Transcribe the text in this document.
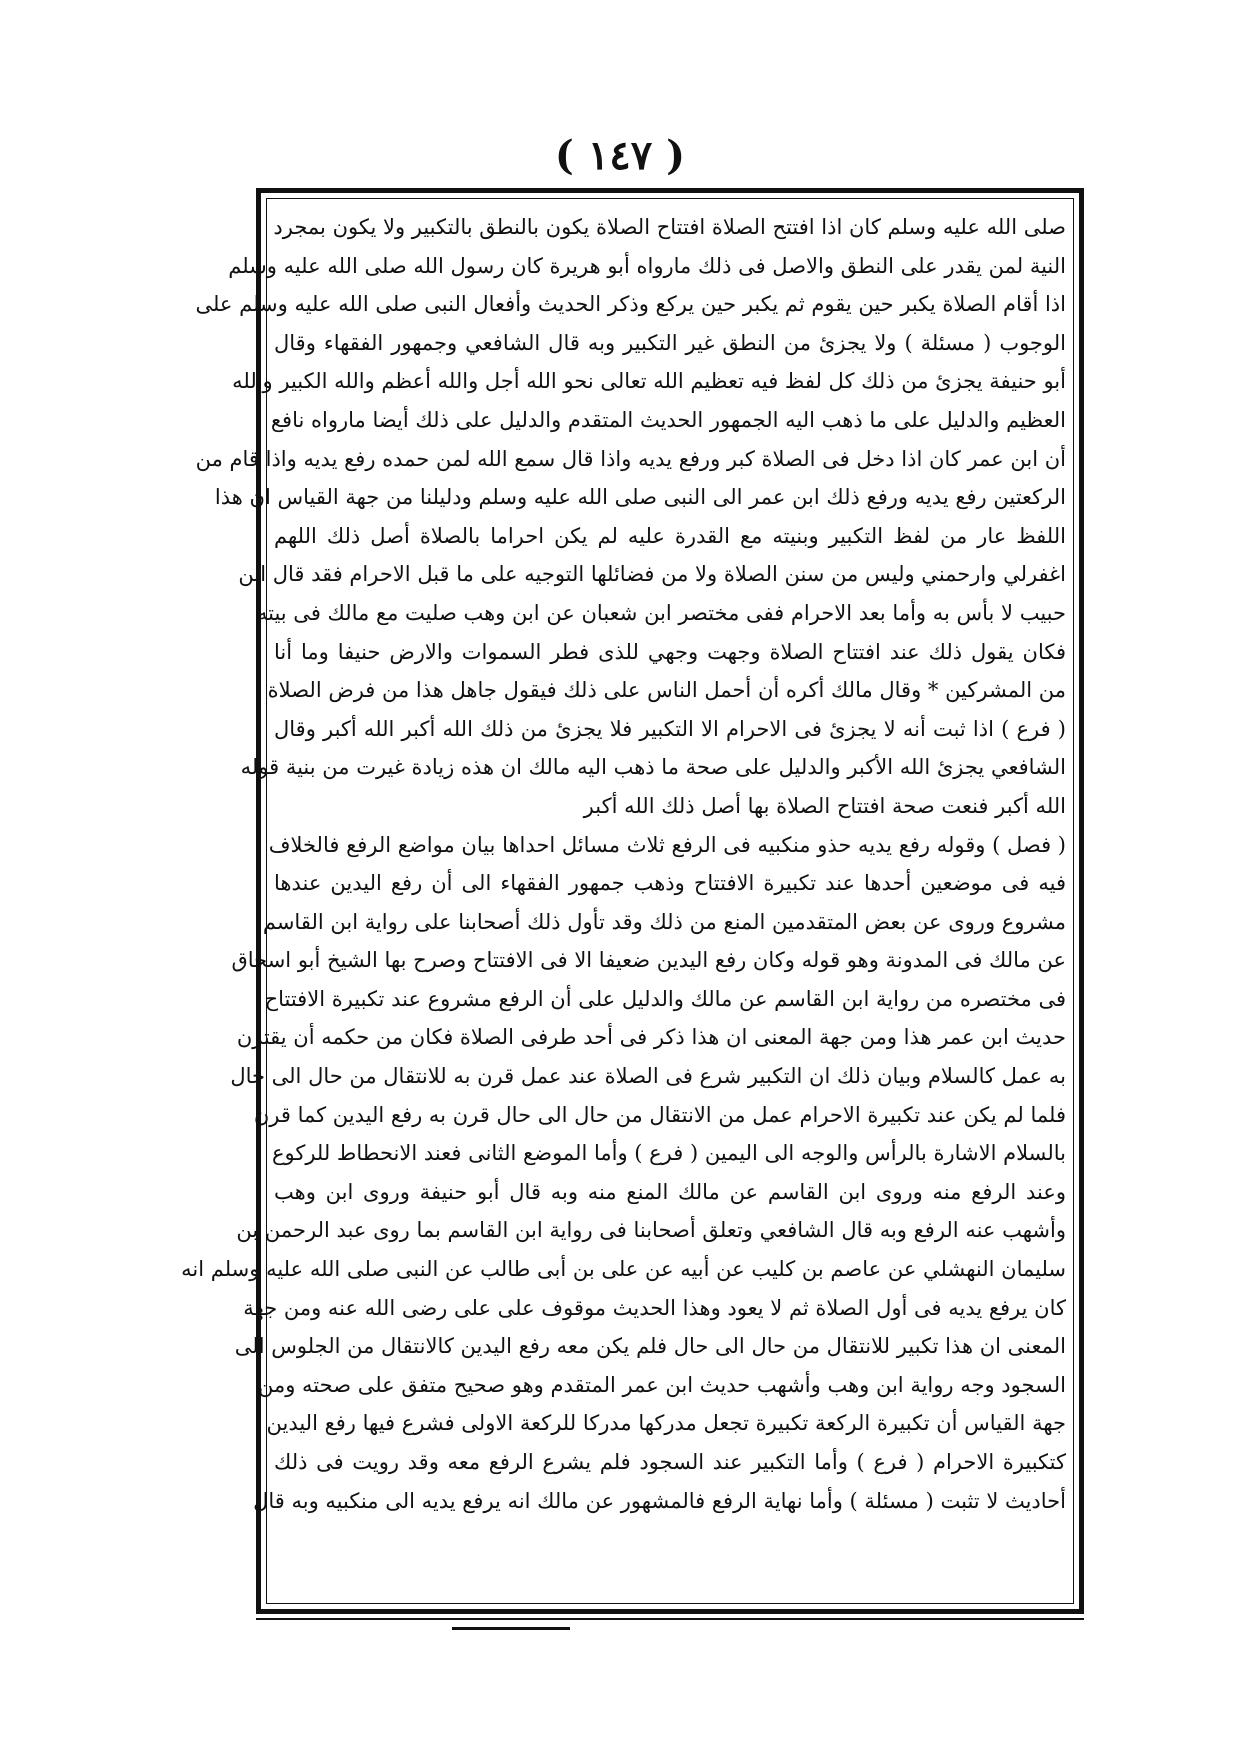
( ١٤٧ )
صلى الله عليه وسلم كان اذا افتتح الصلاة افتتاح الصلاة يكون بالنطق بالتكبير ولا يكون بمجرد
النية لمن يقدر على النطق والاصل فى ذلك مارواه أبو هريرة كان رسول الله صلى الله عليه وسلم
اذا أقام الصلاة يكبر حين يقوم ثم يكبر حين يركع وذكر الحديث وأفعال النبى صلى الله عليه وسلم على
الوجوب ( مسئلة ) ولا يجزئ من النطق غير التكبير وبه قال الشافعي وجمهور الفقهاء وقال
أبو حنيفة يجزئ من ذلك كل لفظ فيه تعظيم الله تعالى نحو الله أجل والله أعظم والله الكبير والله
العظيم والدليل على ما ذهب اليه الجمهور الحديث المتقدم والدليل على ذلك أيضا مارواه نافع
أن ابن عمر كان اذا دخل فى الصلاة كبر ورفع يديه واذا قال سمع الله لمن حمده رفع يديه واذا قام من
الركعتين رفع يديه ورفع ذلك ابن عمر الى النبى صلى الله عليه وسلم ودليلنا من جهة القياس ان هذا
اللفظ عار من لفظ التكبير وبنيته مع القدرة عليه لم يكن احراما بالصلاة أصل ذلك اللهم
اغفرلي وارحمني وليس من سنن الصلاة ولا من فضائلها التوجيه على ما قبل الاحرام فقد قال ابن
حبيب لا بأس به وأما بعد الاحرام ففى مختصر ابن شعبان عن ابن وهب صليت مع مالك فى بيته
فكان يقول ذلك عند افتتاح الصلاة وجهت وجهي للذى فطر السموات والارض حنيفا وما أنا
من المشركين * وقال مالك أكره أن أحمل الناس على ذلك فيقول جاهل هذا من فرض الصلاة
( فرع ) اذا ثبت أنه لا يجزئ فى الاحرام الا التكبير فلا يجزئ من ذلك الله أكبر الله أكبر وقال
الشافعي يجزئ الله الأكبر والدليل على صحة ما ذهب اليه مالك ان هذه زيادة غيرت من بنية قوله
الله أكبر فنعت صحة افتتاح الصلاة بها أصل ذلك الله أكبر
( فصل ) وقوله رفع يديه حذو منكبيه فى الرفع ثلاث مسائل احداها بيان مواضع الرفع فالخلاف
فيه فى موضعين أحدها عند تكبيرة الافتتاح وذهب جمهور الفقهاء الى أن رفع اليدين عندها
مشروع وروى عن بعض المتقدمين المنع من ذلك وقد تأول ذلك أصحابنا على رواية ابن القاسم
عن مالك فى المدونة وهو قوله وكان رفع اليدين ضعيفا الا فى الافتتاح وصرح بها الشيخ أبو اسحاق
فى مختصره من رواية ابن القاسم عن مالك والدليل على أن الرفع مشروع عند تكبيرة الافتتاح
حديث ابن عمر هذا ومن جهة المعنى ان هذا ذكر فى أحد طرفى الصلاة فكان من حكمه أن يقترن
به عمل كالسلام وبيان ذلك ان التكبير شرع فى الصلاة عند عمل قرن به للانتقال من حال الى حال
فلما لم يكن عند تكبيرة الاحرام عمل من الانتقال من حال الى حال قرن به رفع اليدين كما قرن
بالسلام الاشارة بالرأس والوجه الى اليمين ( فرع ) وأما الموضع الثانى فعند الانحطاط للركوع
وعند الرفع منه وروى ابن القاسم عن مالك المنع منه وبه قال أبو حنيفة وروى ابن وهب
وأشهب عنه الرفع وبه قال الشافعي وتعلق أصحابنا فى رواية ابن القاسم بما روى عبد الرحمن بن
سليمان النهشلي عن عاصم بن كليب عن أبيه عن على بن أبى طالب عن النبى صلى الله عليه وسلم انه
كان يرفع يديه فى أول الصلاة ثم لا يعود وهذا الحديث موقوف على على رضى الله عنه ومن جهة
المعنى ان هذا تكبير للانتقال من حال الى حال فلم يكن معه رفع اليدين كالانتقال من الجلوس الى
السجود وجه رواية ابن وهب وأشهب حديث ابن عمر المتقدم وهو صحيح متفق على صحته ومن
جهة القياس أن تكبيرة الركعة تكبيرة تجعل مدركها مدركا للركعة الاولى فشرع فيها رفع اليدين
كتكبيرة الاحرام ( فرع ) وأما التكبير عند السجود فلم يشرع الرفع معه وقد رويت فى ذلك
أحاديث لا تثبت ( مسئلة ) وأما نهاية الرفع فالمشهور عن مالك انه يرفع يديه الى منكبيه وبه قال
